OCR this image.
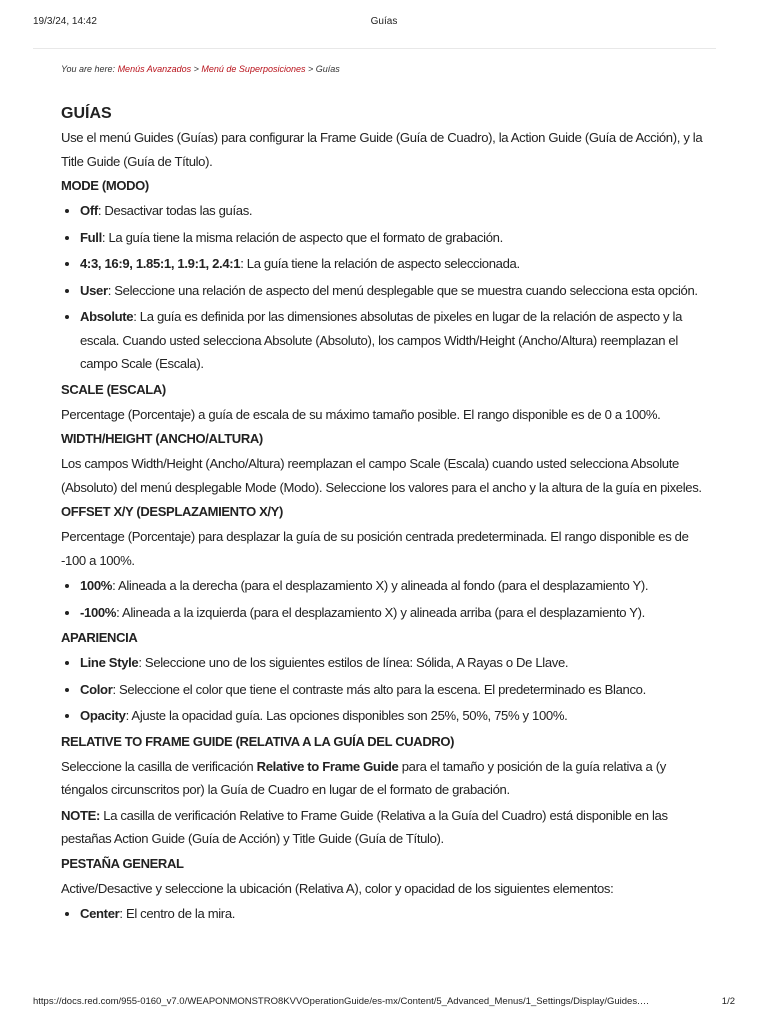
19/3/24, 14:42	Guías
You are here: Menús Avanzados > Menú de Superposiciones > Guías
GUÍAS

Use el menú Guides (Guías) para configurar la Frame Guide (Guía de Cuadro), la Action Guide (Guía de Acción), y la Title Guide (Guía de Título).

MODE (MODO)
• Off: Desactivar todas las guías.
• Full: La guía tiene la misma relación de aspecto que el formato de grabación.
• 4:3, 16:9, 1.85:1, 1.9:1, 2.4:1: La guía tiene la relación de aspecto seleccionada.
• User: Seleccione una relación de aspecto del menú desplegable que se muestra cuando selecciona esta opción.
• Absolute: La guía es definida por las dimensiones absolutas de pixeles en lugar de la relación de aspecto y la escala. Cuando usted selecciona Absolute (Absoluto), los campos Width/Height (Ancho/Altura) reemplazan el campo Scale (Escala).
SCALE (ESCALA)

Percentage (Porcentaje) a guía de escala de su máximo tamaño posible. El rango disponible es de 0 a 100%.

WIDTH/HEIGHT (ANCHO/ALTURA)

Los campos Width/Height (Ancho/Altura) reemplazan el campo Scale (Escala) cuando usted selecciona Absolute (Absoluto) del menú desplegable Mode (Modo). Seleccione los valores para el ancho y la altura de la guía en pixeles.

OFFSET X/Y (DESPLAZAMIENTO X/Y)

Percentage (Porcentaje) para desplazar la guía de su posición centrada predeterminada. El rango disponible es de -100 a 100%.

• 100%: Alineada a la derecha (para el desplazamiento X) y alineada al fondo (para el desplazamiento Y).
• -100%: Alineada a la izquierda (para el desplazamiento X) y alineada arriba (para el desplazamiento Y).
APARIENCIA
• Line Style: Seleccione uno de los siguientes estilos de línea: Sólida, A Rayas o De Llave.
• Color: Seleccione el color que tiene el contraste más alto para la escena. El predeterminado es Blanco.
• Opacity: Ajuste la opacidad guía. Las opciones disponibles son 25%, 50%, 75% y 100%.
RELATIVE TO FRAME GUIDE (RELATIVA A LA GUÍA DEL CUADRO)

Seleccione la casilla de verificación Relative to Frame Guide para el tamaño y posición de la guía relativa a (y téngalos circunscritos por) la Guía de Cuadro en lugar de el formato de grabación.

NOTE: La casilla de verificación Relative to Frame Guide (Relativa a la Guía del Cuadro) está disponible en las pestañas Action Guide (Guía de Acción) y Title Guide (Guía de Título).

PESTAÑA GENERAL

Active/Desactive y seleccione la ubicación (Relativa A), color y opacidad de los siguientes elementos:

• Center: El centro de la mira.
https://docs.red.com/955-0160_v7.0/WEAPONMONSTRO8KVVOperationGuide/es-mx/Content/5_Advanced_Menus/1_Settings/Display/Guides.…	1/2
